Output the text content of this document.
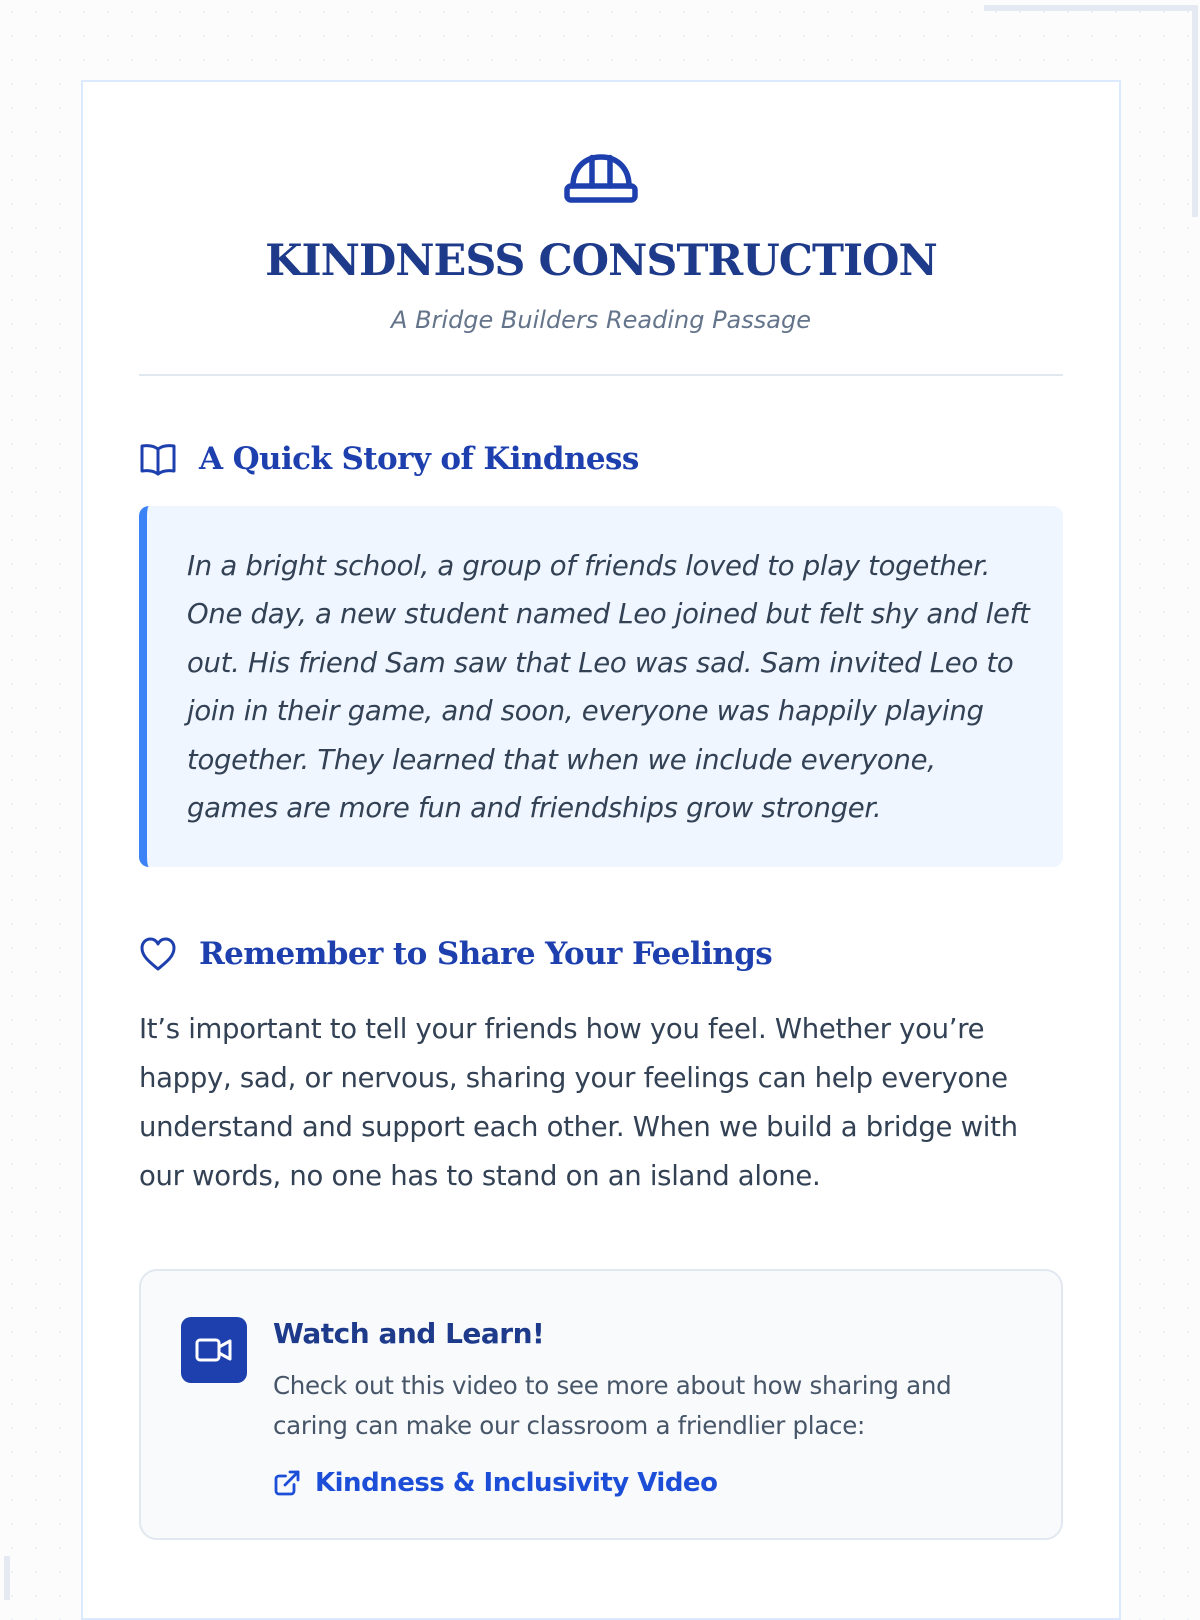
KINDNESS CONSTRUCTION

A Bridge Builders Reading Passage

A Quick Story of Kindness

In a bright school, a group of friends loved to play together. One day, a new student named Leo joined but felt shy and left out. His friend Sam saw that Leo was sad. Sam invited Leo to join in their game, and soon, everyone was happily playing together. They learned that when we include everyone, games are more fun and friendships grow stronger.

Remember to Share Your Feelings

It’s important to tell your friends how you feel. Whether you’re happy, sad, or nervous, sharing your feelings can help everyone understand and support each other. When we build a bridge with our words, no one has to stand on an island alone.

Watch and Learn!

Check out this video to see more about how sharing and caring can make our classroom a friendlier place:

Kindness & Inclusivity Video
